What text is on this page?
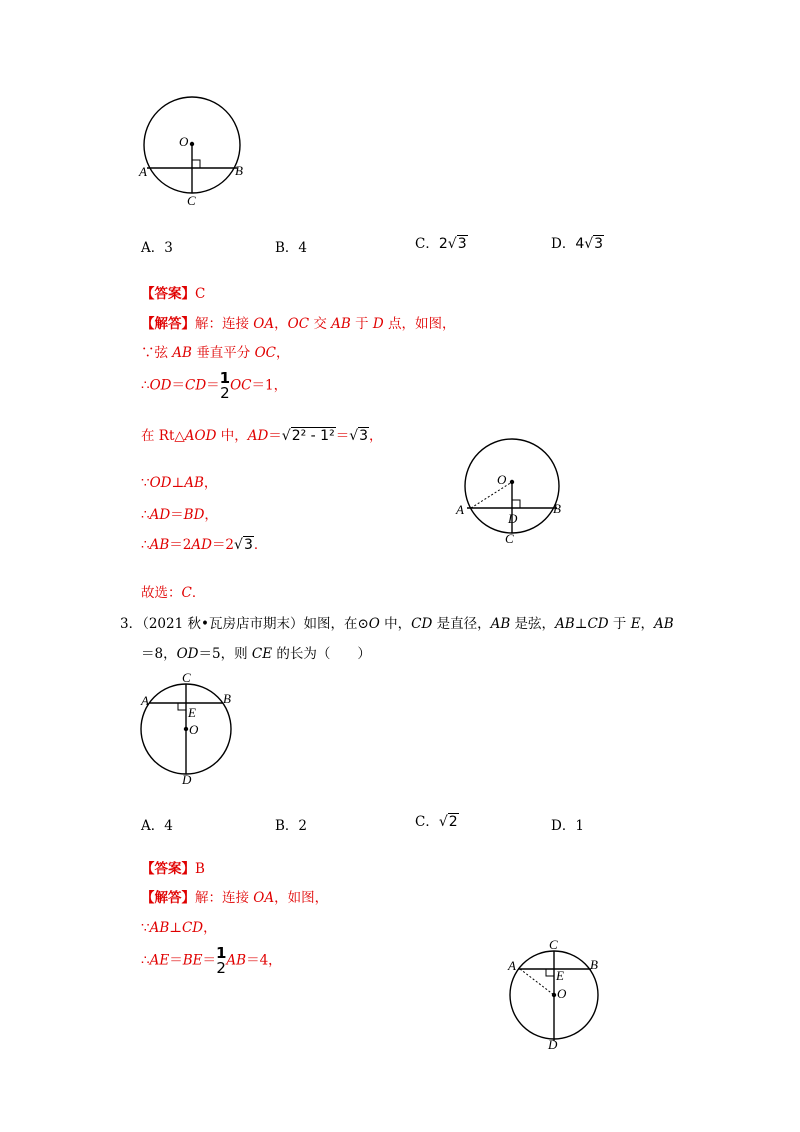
O
A	B
C
A．3	B．4	C．2√3	D．4√3
【答案】C
【解答】解：连接 OA，OC 交 AB 于 D 点，如图，
∵弦 AB 垂直平分 OC，
∴OD＝CD＝ 1
2 OC＝1，
在 Rt△AOD 中，AD＝√2² - 1²＝√3，
∵OD⊥AB，
∴AD＝BD，
∴AB＝2AD＝2√3．
故选：C．
O
A	B
D
C
3．（2021 秋•瓦房店市期末）如图，在⊙O 中，CD 是直径，AB 是弦，AB⊥CD 于 E，AB
＝8，OD＝5，则 CE 的长为（　　）
C
A	B
E
O
D
A．4	B．2	C．√2	D．1
【答案】B
【解答】解：连接 OA，如图，
∵AB⊥CD，
∴AE＝BE＝ 1
2 AB＝4，
C
A	B
E
O
D
